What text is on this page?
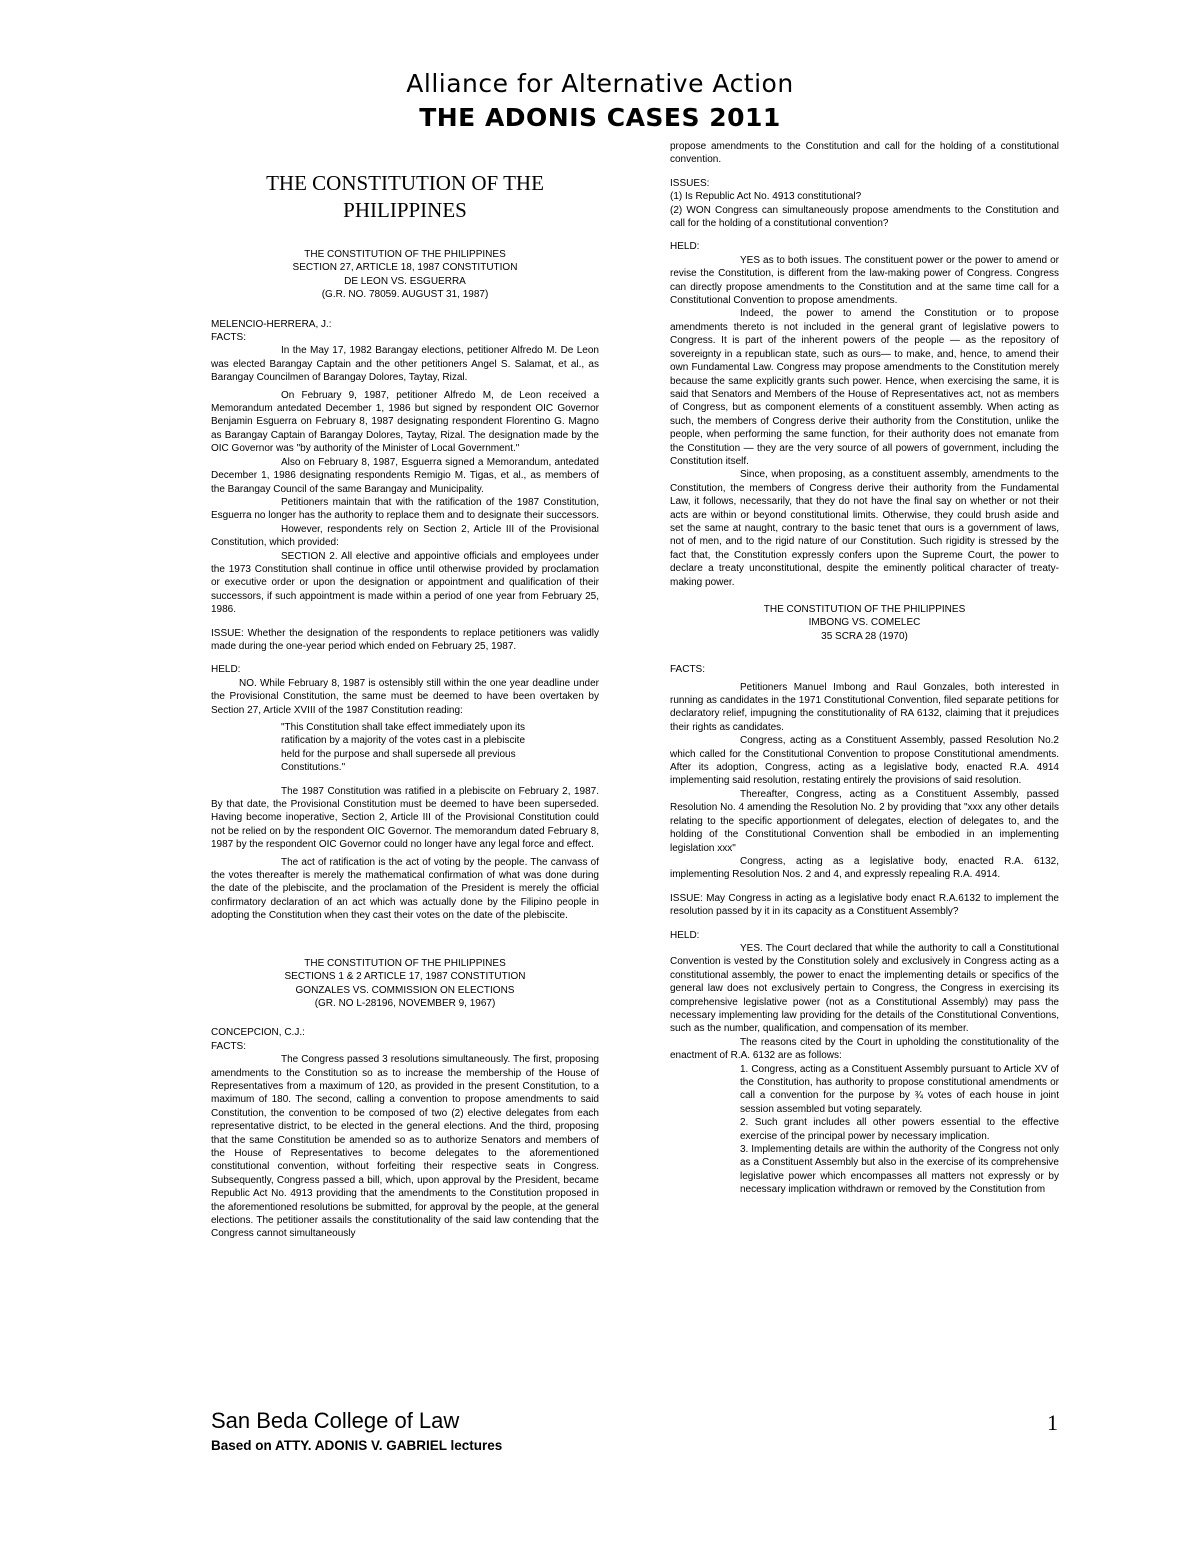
Alliance for Alternative Action
THE ADONIS CASES 2011
THE CONSTITUTION OF THE PHILIPPINES
THE CONSTITUTION OF THE PHILIPPINES
SECTION 27, ARTICLE 18, 1987 CONSTITUTION
DE LEON VS. ESGUERRA
(G.R. NO. 78059. AUGUST 31, 1987)

MELENCIO-HERRERA, J.:

FACTS:

In the May 17, 1982 Barangay elections, petitioner Alfredo M. De Leon was elected Barangay Captain and the other petitioners Angel S. Salamat, et al., as Barangay Councilmen of Barangay Dolores, Taytay, Rizal.

On February 9, 1987, petitioner Alfredo M, de Leon received a Memorandum antedated December 1, 1986 but signed by respondent OIC Governor Benjamin Esguerra on February 8, 1987 designating respondent Florentino G. Magno as Barangay Captain of Barangay Dolores, Taytay, Rizal. The designation made by the OIC Governor was "by authority of the Minister of Local Government."

Also on February 8, 1987, Esguerra signed a Memorandum, antedated December 1, 1986 designating respondents Remigio M. Tigas, et al., as members of the Barangay Council of the same Barangay and Municipality.

Petitioners maintain that with the ratification of the 1987 Constitution, Esguerra no longer has the authority to replace them and to designate their successors.

However, respondents rely on Section 2, Article III of the Provisional Constitution, which provided:

SECTION 2. All elective and appointive officials and employees under the 1973 Constitution shall continue in office until otherwise provided by proclamation or executive order or upon the designation or appointment and qualification of their successors, if such appointment is made within a period of one year from February 25, 1986.

ISSUE: Whether the designation of the respondents to replace petitioners was validly made during the one-year period which ended on February 25, 1987.

HELD:

NO. While February 8, 1987 is ostensibly still within the one year deadline under the Provisional Constitution, the same must be deemed to have been overtaken by Section 27, Article XVIII of the 1987 Constitution reading:

"This Constitution shall take effect immediately upon its ratification by a majority of the votes cast in a plebiscite held for the purpose and shall supersede all previous Constitutions."

The 1987 Constitution was ratified in a plebiscite on February 2, 1987. By that date, the Provisional Constitution must be deemed to have been superseded. Having become inoperative, Section 2, Article III of the Provisional Constitution could not be relied on by the respondent OIC Governor. The memorandum dated February 8, 1987 by the respondent OIC Governor could no longer have any legal force and effect.

The act of ratification is the act of voting by the people. The canvass of the votes thereafter is merely the mathematical confirmation of what was done during the date of the plebiscite, and the proclamation of the President is merely the official confirmatory declaration of an act which was actually done by the Filipino people in adopting the Constitution when they cast their votes on the date of the plebiscite.

THE CONSTITUTION OF THE PHILIPPINES
SECTIONS 1 & 2 ARTICLE 17, 1987 CONSTITUTION
GONZALES VS. COMMISSION ON ELECTIONS
(GR. NO L-28196, NOVEMBER 9, 1967)

CONCEPCION, C.J.:

FACTS:

The Congress passed 3 resolutions simultaneously. The first, proposing amendments to the Constitution so as to increase the membership of the House of Representatives from a maximum of 120, as provided in the present Constitution, to a maximum of 180. The second, calling a convention to propose amendments to said Constitution, the convention to be composed of two (2) elective delegates from each representative district, to be elected in the general elections. And the third, proposing that the same Constitution be amended so as to authorize Senators and members of the House of Representatives to become delegates to the aforementioned constitutional convention, without forfeiting their respective seats in Congress. Subsequently, Congress passed a bill, which, upon approval by the President, became Republic Act No. 4913 providing that the amendments to the Constitution proposed in the aforementioned resolutions be submitted, for approval by the people, at the general elections. The petitioner assails the constitutionality of the said law contending that the Congress cannot simultaneously

propose amendments to the Constitution and call for the holding of a constitutional convention.

ISSUES:

(1) Is Republic Act No. 4913 constitutional?

(2) WON Congress can simultaneously propose amendments to the Constitution and call for the holding of a constitutional convention?

HELD:

YES as to both issues. The constituent power or the power to amend or revise the Constitution, is different from the law-making power of Congress. Congress can directly propose amendments to the Constitution and at the same time call for a Constitutional Convention to propose amendments.

Indeed, the power to amend the Constitution or to propose amendments thereto is not included in the general grant of legislative powers to Congress. It is part of the inherent powers of the people — as the repository of sovereignty in a republican state, such as ours— to make, and, hence, to amend their own Fundamental Law. Congress may propose amendments to the Constitution merely because the same explicitly grants such power. Hence, when exercising the same, it is said that Senators and Members of the House of Representatives act, not as members of Congress, but as component elements of a constituent assembly. When acting as such, the members of Congress derive their authority from the Constitution, unlike the people, when performing the same function, for their authority does not emanate from the Constitution — they are the very source of all powers of government, including the Constitution itself.

Since, when proposing, as a constituent assembly, amendments to the Constitution, the members of Congress derive their authority from the Fundamental Law, it follows, necessarily, that they do not have the final say on whether or not their acts are within or beyond constitutional limits. Otherwise, they could brush aside and set the same at naught, contrary to the basic tenet that ours is a government of laws, not of men, and to the rigid nature of our Constitution. Such rigidity is stressed by the fact that, the Constitution expressly confers upon the Supreme Court, the power to declare a treaty unconstitutional, despite the eminently political character of treaty-making power.

THE CONSTITUTION OF THE PHILIPPINES
IMBONG VS. COMELEC
35 SCRA 28 (1970)

FACTS:

Petitioners Manuel Imbong and Raul Gonzales, both interested in running as candidates in the 1971 Constitutional Convention, filed separate petitions for declaratory relief, impugning the constitutionality of RA 6132, claiming that it prejudices their rights as candidates.

Congress, acting as a Constituent Assembly, passed Resolution No.2 which called for the Constitutional Convention to propose Constitutional amendments. After its adoption, Congress, acting as a legislative body, enacted R.A. 4914 implementing said resolution, restating entirely the provisions of said resolution.

Thereafter, Congress, acting as a Constituent Assembly, passed Resolution No. 4 amending the Resolution No. 2 by providing that "xxx any other details relating to the specific apportionment of delegates, election of delegates to, and the holding of the Constitutional Convention shall be embodied in an implementing legislation xxx"

Congress, acting as a legislative body, enacted R.A. 6132, implementing Resolution Nos. 2 and 4, and expressly repealing R.A. 4914.

ISSUE: May Congress in acting as a legislative body enact R.A.6132 to implement the resolution passed by it in its capacity as a Constituent Assembly?

HELD:

YES. The Court declared that while the authority to call a Constitutional Convention is vested by the Constitution solely and exclusively in Congress acting as a constitutional assembly, the power to enact the implementing details or specifics of the general law does not exclusively pertain to Congress, the Congress in exercising its comprehensive legislative power (not as a Constitutional Assembly) may pass the necessary implementing law providing for the details of the Constitutional Conventions, such as the number, qualification, and compensation of its member.

The reasons cited by the Court in upholding the constitutionality of the enactment of R.A. 6132 are as follows:

1. Congress, acting as a Constituent Assembly pursuant to Article XV of the Constitution, has authority to propose constitutional amendments or call a convention for the purpose by ¾ votes of each house in joint session assembled but voting separately.

2. Such grant includes all other powers essential to the effective exercise of the principal power by necessary implication.

3. Implementing details are within the authority of the Congress not only as a Constituent Assembly but also in the exercise of its comprehensive legislative power which encompasses all matters not expressly or by necessary implication withdrawn or removed by the Constitution from

San Beda College of Law
Based on ATTY. ADONIS V. GABRIEL lectures
1
